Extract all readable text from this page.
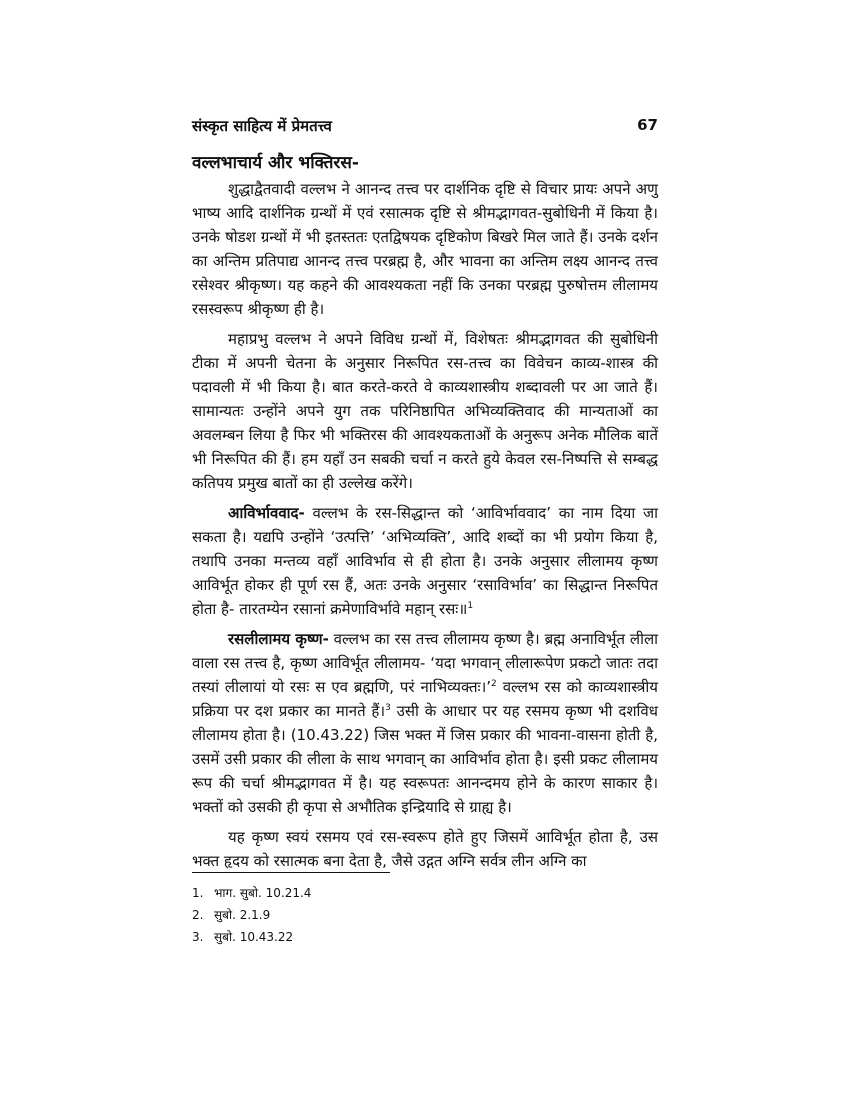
संस्कृत साहित्य में प्रेमतत्त्व	67
वल्लभाचार्य और भक्तिरस-

शुद्धाद्वैतवादी वल्लभ ने आनन्द तत्त्व पर दार्शनिक दृष्टि से विचार प्रायः अपने अणु भाष्य आदि दार्शनिक ग्रन्थों में एवं रसात्मक दृष्टि से श्रीमद्भागवत-सुबोधिनी में किया है। उनके षोडश ग्रन्थों में भी इतस्ततः एतद्विषयक दृष्टिकोण बिखरे मिल जाते हैं। उनके दर्शन का अन्तिम प्रतिपाद्य आनन्द तत्त्व परब्रह्म है, और भावना का अन्तिम लक्ष्य आनन्द तत्त्व रसेश्वर श्रीकृष्ण। यह कहने की आवश्यकता नहीं कि उनका परब्रह्म पुरुषोत्तम लीलामय रसस्वरूप श्रीकृष्ण ही है।

महाप्रभु वल्लभ ने अपने विविध ग्रन्थों में, विशेषतः श्रीमद्भागवत की सुबोधिनी टीका में अपनी चेतना के अनुसार निरूपित रस-तत्त्व का विवेचन काव्य-शास्त्र की पदावली में भी किया है। बात करते-करते वे काव्यशास्त्रीय शब्दावली पर आ जाते हैं। सामान्यतः उन्होंने अपने युग तक परिनिष्ठापित अभिव्यक्तिवाद की मान्यताओं का अवलम्बन लिया है फिर भी भक्तिरस की आवश्यकताओं के अनुरूप अनेक मौलिक बातें भी निरूपित की हैं। हम यहाँ उन सबकी चर्चा न करते हुये केवल रस-निष्पत्ति से सम्बद्ध कतिपय प्रमुख बातों का ही उल्लेख करेंगे।

आविर्भाववाद- वल्लभ के रस-सिद्धान्त को ‘आविर्भाववाद’ का नाम दिया जा सकता है। यद्यपि उन्होंने ‘उत्पत्ति’ ‘अभिव्यक्ति’, आदि शब्दों का भी प्रयोग किया है, तथापि उनका मन्तव्य वहाँ आविर्भाव से ही होता है। उनके अनुसार लीलामय कृष्ण आविर्भूत होकर ही पूर्ण रस हैं, अतः उनके अनुसार ‘रसाविर्भाव’ का सिद्धान्त निरूपित होता है- तारतम्येन रसानां क्रमेणाविर्भावे महान् रसः॥$^1$

रसलीलामय कृष्ण- वल्लभ का रस तत्त्व लीलामय कृष्ण है। ब्रह्म अनाविर्भूत लीला वाला रस तत्त्व है, कृष्ण आविर्भूत लीलामय- ‘यदा भगवान् लीलारूपेण प्रकटो जातः तदा तस्यां लीलायां यो रसः स एव ब्रह्मणि, परं नाभिव्यक्तः।’$^2$ वल्लभ रस को काव्यशास्त्रीय प्रक्रिया पर दश प्रकार का मानते हैं।$^3$ उसी के आधार पर यह रसमय कृष्ण भी दशविध लीलामय होता है। (10.43.22) जिस भक्त में जिस प्रकार की भावना-वासना होती है, उसमें उसी प्रकार की लीला के साथ भगवान् का आविर्भाव होता है। इसी प्रकट लीलामय रूप की चर्चा श्रीमद्भागवत में है। यह स्वरूपतः आनन्दमय होने के कारण साकार है। भक्तों को उसकी ही कृपा से अभौतिक इन्द्रियादि से ग्राह्य है।

यह कृष्ण स्वयं रसमय एवं रस-स्वरूप होते हुए जिसमें आविर्भूत होता है, उस भक्त हृदय को रसात्मक बना देता है, जैसे उद्गत अग्नि सर्वत्र लीन अग्नि का

1. भाग. सुबो. 10.21.4
2. सुबो. 2.1.9
3. सुबो. 10.43.22
